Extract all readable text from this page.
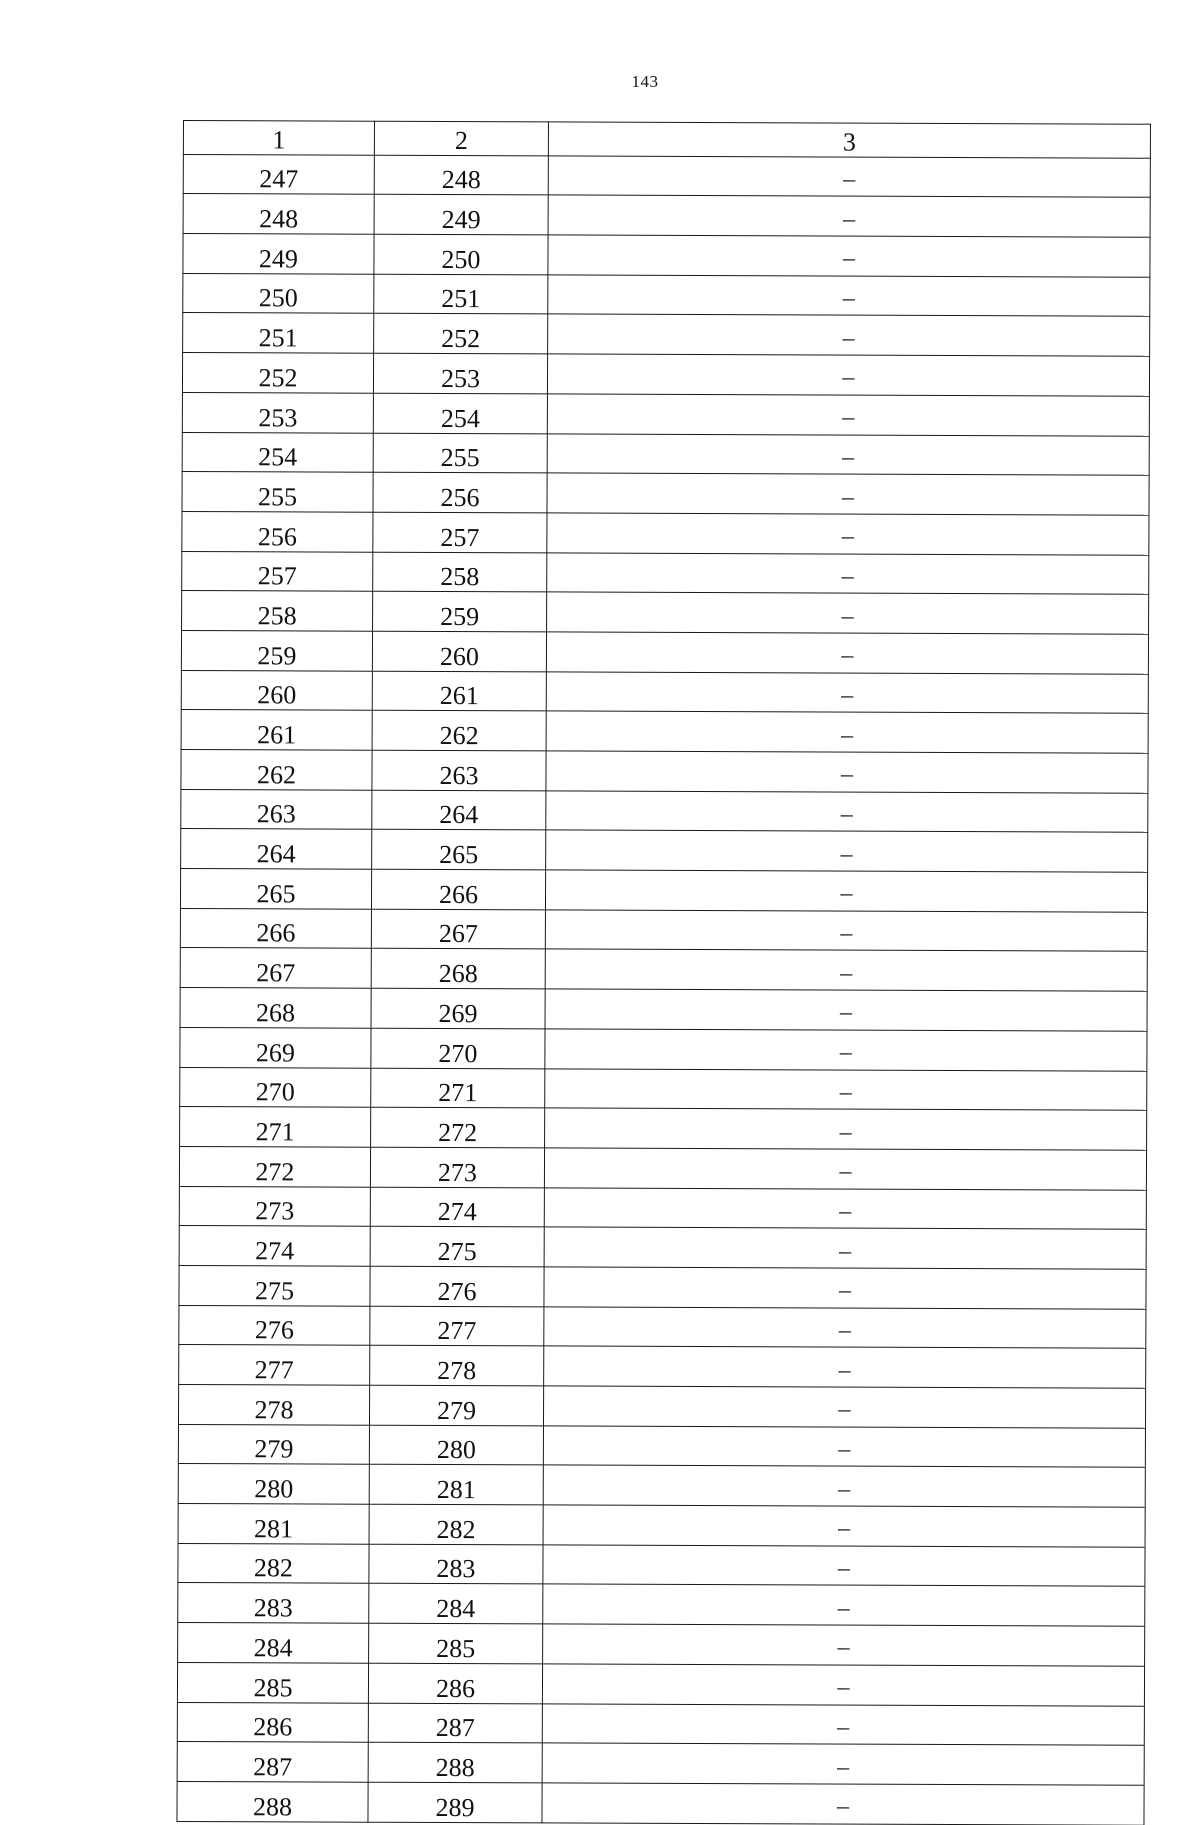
143
1	2	3
247	248	–
248	249	–
249	250	–
250	251	–
251	252	–
252	253	–
253	254	–
254	255	–
255	256	–
256	257	–
257	258	–
258	259	–
259	260	–
260	261	–
261	262	–
262	263	–
263	264	–
264	265	–
265	266	–
266	267	–
267	268	–
268	269	–
269	270	–
270	271	–
271	272	–
272	273	–
273	274	–
274	275	–
275	276	–
276	277	–
277	278	–
278	279	–
279	280	–
280	281	–
281	282	–
282	283	–
283	284	–
284	285	–
285	286	–
286	287	–
287	288	–
288	289	–
